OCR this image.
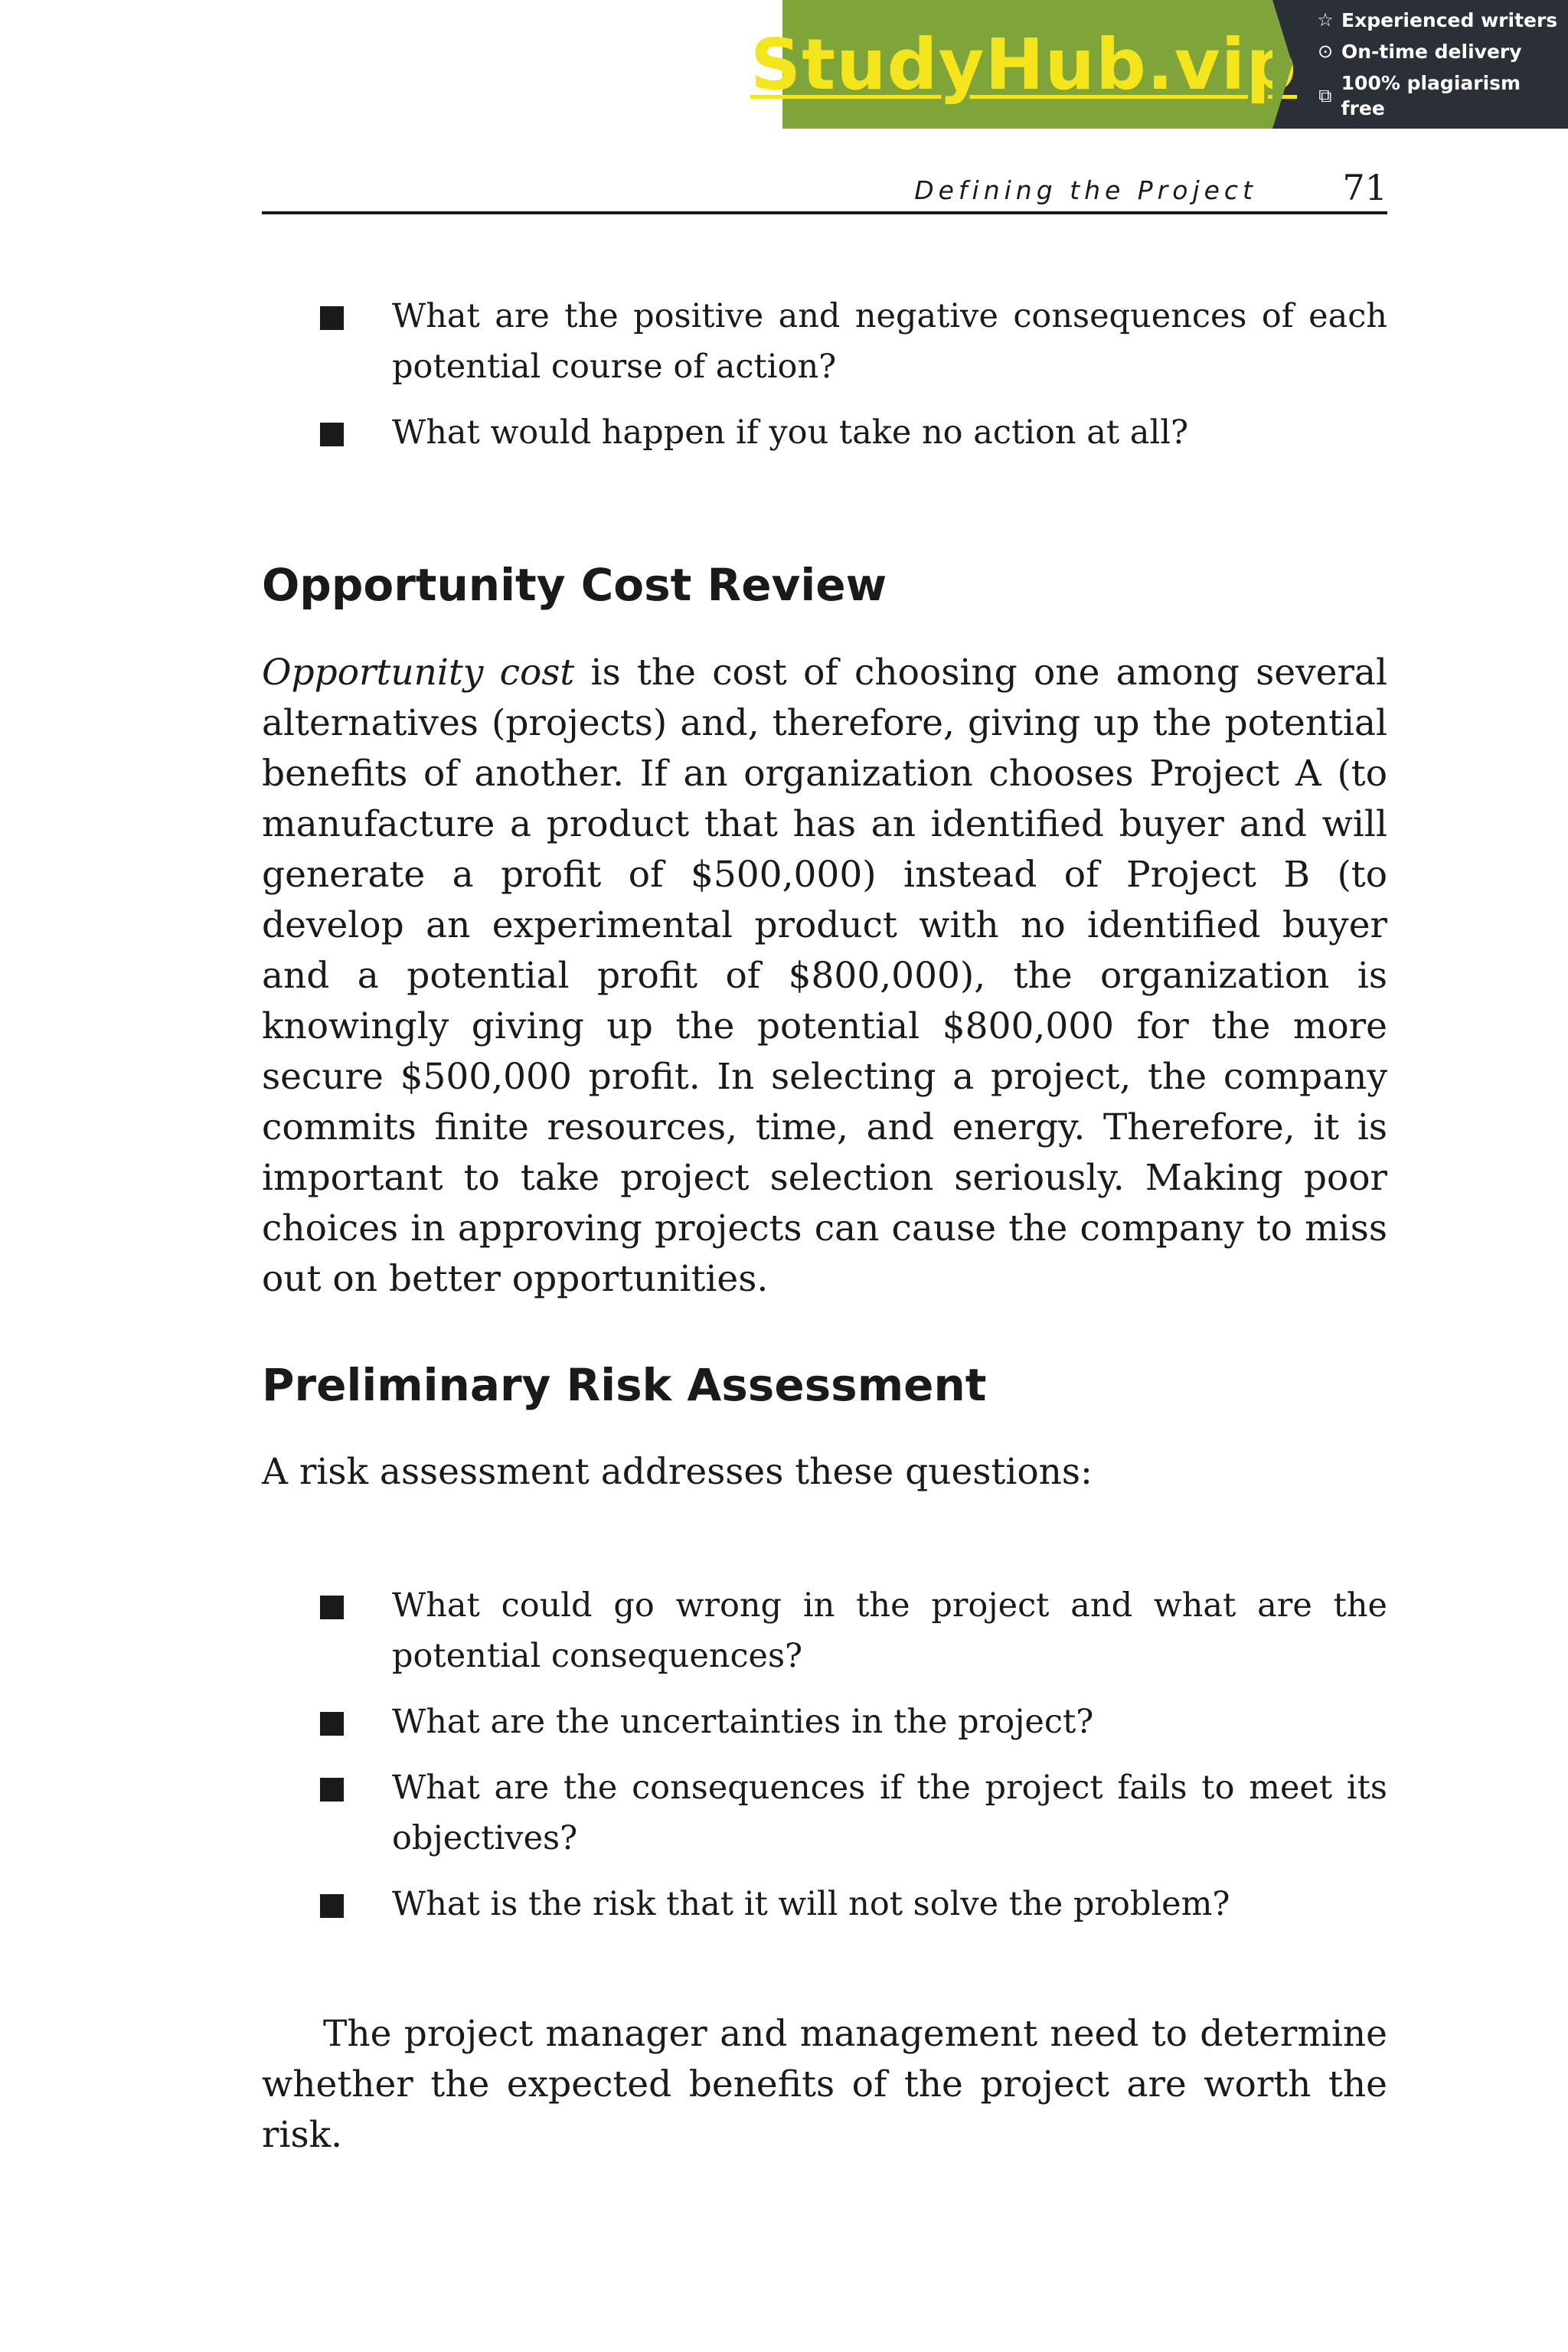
StudyHub.vip
☆ Experienced writers
⊙ On-time delivery
⧉
100% plagiarism free
Defining the Project 71
What are the positive and negative consequences of each potential course of action?
What would happen if you take no action at all?
Opportunity Cost Review

Opportunity cost is the cost of choosing one among several alternatives (projects) and, therefore, giving up the potential benefits of another. If an organization chooses Project A (to manufacture a product that has an identified buyer and will generate a profit of $500,000) instead of Project B (to develop an experimental product with no identified buyer and a potential profit of $800,000), the organization is knowingly giving up the potential $800,000 for the more secure $500,000 profit. In selecting a project, the company commits finite resources, time, and energy. Therefore, it is important to take project selection seriously. Making poor choices in approving projects can cause the company to miss out on better opportunities.

Preliminary Risk Assessment

A risk assessment addresses these questions:

What could go wrong in the project and what are the potential consequences?
What are the uncertainties in the project?
What are the consequences if the project fails to meet its objectives?
What is the risk that it will not solve the problem?

The project manager and management need to determine whether the expected benefits of the project are worth the risk.
